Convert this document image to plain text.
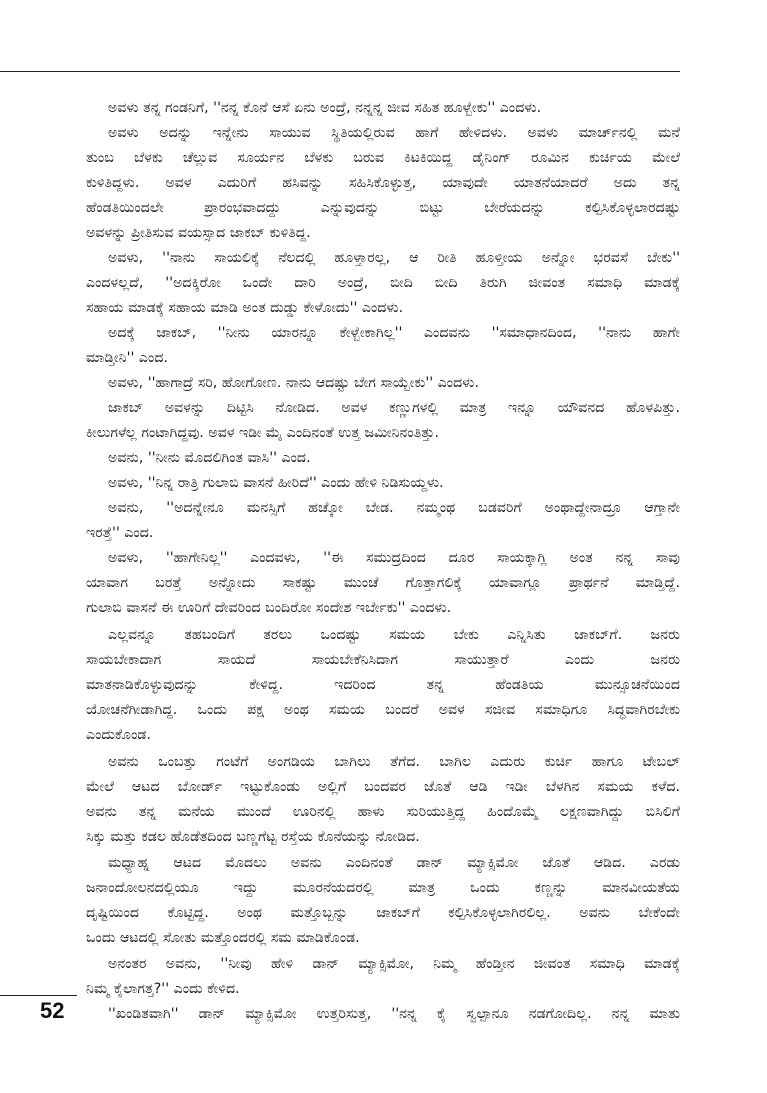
ಅವಳು ತನ್ನ ಗಂಡನಿಗೆ, ''ನನ್ನ ಕೊನೆ ಆಸೆ ಏನು ಅಂದ್ರೆ, ನನ್ನನ್ನ ಜೀವ ಸಹಿತ ಹೂಳ್ಬೇಕು'' ಎಂದಳು.
ಅವಳು ಅದನ್ನು ಇನ್ನೇನು ಸಾಯುವ ಸ್ಥಿತಿಯಲ್ಲಿರುವ ಹಾಗೆ ಹೇಳಿದಳು. ಅವಳು ಮಾರ್ಚ್‌ನಲ್ಲಿ ಮನೆ
ತುಂಬ ಬೆಳಕು ಚೆಲ್ಲುವ ಸೂರ್ಯನ ಬೆಳಕು ಬರುವ ಕಿಟಕಿಯಿದ್ದ ಡೈನಿಂಗ್ ರೂಮಿನ ಕುರ್ಚಿಯ ಮೇಲೆ
ಕುಳಿತಿದ್ದಳು. ಅವಳ ಎದುರಿಗೆ ಹಸಿವನ್ನು ಸಹಿಸಿಕೊಳ್ಳುತ್ತ, ಯಾವುದೇ ಯಾತನೆಯಾದರೆ ಅದು ತನ್ನ
ಹೆಂಡತಿಯಿಂದಲೇ ಪ್ರಾರಂಭವಾದದ್ದು ಎನ್ನುವುದನ್ನು ಬಿಟ್ಟು ಬೇರೆಯದನ್ನು ಕಲ್ಪಿಸಿಕೊಳ್ಳಲಾರದಷ್ಟು
ಅವಳನ್ನು ಪ್ರೀತಿಸುವ ವಯಸ್ಸಾದ ಜಾಕಬ್ ಕುಳಿತಿದ್ದ.
ಅವಳು, ''ನಾನು ಸಾಯಲಿಕ್ಕೆ ನೆಲದಲ್ಲಿ ಹೂಳ್ತಾರಲ್ಲ, ಆ ರೀತಿ ಹೂಳ್ತೀಯ ಅನ್ನೋ ಭರವಸೆ ಬೇಕು''
ಎಂದಳಲ್ಲದೆ, ''ಅದಕ್ಕಿರೋ ಒಂದೇ ದಾರಿ ಅಂದ್ರೆ, ಬೀದಿ ಬೀದಿ ತಿರುಗಿ ಜೀವಂತ ಸಮಾಧಿ ಮಾಡಕ್ಕೆ
ಸಹಾಯ ಮಾಡಕ್ಕೆ ಸಹಾಯ ಮಾಡಿ ಅಂತ ದುಡ್ಡು ಕೇಳೋದು'' ಎಂದಳು.
ಅದಕ್ಕೆ ಜಾಕಬ್, ''ನೀನು ಯಾರನ್ನೂ ಕೇಳ್ಬೇಕಾಗಿಲ್ಲ'' ಎಂದವನು ''ಸಮಾಧಾನದಿಂದ, ''ನಾನು ಹಾಗೇ
ಮಾಡ್ತೀನಿ'' ಎಂದ.
ಅವಳು, ''ಹಾಗಾದ್ರೆ ಸರಿ, ಹೋಗೋಣ. ನಾನು ಆದಷ್ಟು ಬೇಗ ಸಾಯ್ಬೇಕು'' ಎಂದಳು.
ಜಾಕಬ್ ಅವಳನ್ನು ದಿಟ್ಟಿಸಿ ನೋಡಿದ. ಅವಳ ಕಣ್ಣುಗಳಲ್ಲಿ ಮಾತ್ರ ಇನ್ನೂ ಯೌವನದ ಹೊಳಪಿತ್ತು.
ಕೀಲುಗಳೆಲ್ಲ ಗಂಟಾಗಿದ್ದವು. ಅವಳ ಇಡೀ ಮೈ ಎಂದಿನಂತೆ ಉತ್ತ ಜಮೀನಿನಂತಿತ್ತು.
ಅವನು, ''ನೀನು ಮೊದಲಿಗಿಂತ ವಾಸಿ'' ಎಂದ.
ಅವಳು, ''ನಿನ್ನ ರಾತ್ರಿ ಗುಲಾಬಿ ವಾಸನೆ ಹೀರಿದೆ'' ಎಂದು ಹೇಳಿ ನಿಡಿಸುಯ್ದಳು.
ಅವನು, ''ಅದನ್ನೇನೂ ಮನಸ್ಸಿಗೆ ಹಚ್ಕೋ ಬೇಡ. ನಮ್ಮಂಥ ಬಡವರಿಗೆ ಅಂಥಾದ್ದೇನಾದ್ರೂ ಆಗ್ತಾನೇ
ಇರತ್ತೆ'' ಎಂದ.
ಅವಳು, ''ಹಾಗೇನಿಲ್ಲ'' ಎಂದವಳು, ''ಈ ಸಮುದ್ರದಿಂದ ದೂರ ಸಾಯಕ್ಕಾಗ್ಲಿ ಅಂತ ನನ್ನ ಸಾವು
ಯಾವಾಗ ಬರತ್ತೆ ಅನ್ನೋದು ಸಾಕಷ್ಟು ಮುಂಚೆ ಗೊತ್ತಾಗಲಿಕ್ಕೆ ಯಾವಾಗ್ಲೂ ಪ್ರಾರ್ಥನೆ ಮಾಡ್ತಿದ್ದೆ.
ಗುಲಾಬಿ ವಾಸನೆ ಈ ಊರಿಗೆ ದೇವರಿಂದ ಬಂದಿರೋ ಸಂದೇಶ ಇರ್ಬೇಕು'' ಎಂದಳು.
ಎಲ್ಲವನ್ನೂ ತಹಬಂದಿಗೆ ತರಲು ಒಂದಷ್ಟು ಸಮಯ ಬೇಕು ಎನ್ನಿಸಿತು ಜಾಕಬ್‌ಗೆ. ಜನರು
ಸಾಯಬೇಕಾದಾಗ ಸಾಯದೆ ಸಾಯಬೇಕೆನಿಸಿದಾಗ ಸಾಯುತ್ತಾರೆ ಎಂದು ಜನರು
ಮಾತನಾಡಿಕೊಳ್ಳುವುದನ್ನು ಕೇಳಿದ್ದ. ಇದರಿಂದ ತನ್ನ ಹೆಂಡತಿಯ ಮುನ್ಸೂಚನೆಯಿಂದ
ಯೋಚನೆಗೀಡಾಗಿದ್ದ. ಒಂದು ಪಕ್ಷ ಅಂಥ ಸಮಯ ಬಂದರೆ ಅವಳ ಸಜೀವ ಸಮಾಧಿಗೂ ಸಿದ್ಧವಾಗಿರಬೇಕು
ಎಂದುಕೊಂಡ.
ಅವನು ಒಂಬತ್ತು ಗಂಟೆಗೆ ಅಂಗಡಿಯ ಬಾಗಿಲು ತೆಗೆದ. ಬಾಗಿಲ ಎದುರು ಕುರ್ಚಿ ಹಾಗೂ ಟೇಬಲ್
ಮೇಲೆ ಆಟದ ಬೋರ್ಡ್ ಇಟ್ಟುಕೊಂಡು ಅಲ್ಲಿಗೆ ಬಂದವರ ಜೊತೆ ಆಡಿ ಇಡೀ ಬೆಳಗಿನ ಸಮಯ ಕಳೆದ.
ಅವನು ತನ್ನ ಮನೆಯ ಮುಂದೆ ಊರಿನಲ್ಲಿ ಹಾಳು ಸುರಿಯುತ್ತಿದ್ದ ಹಿಂದೊಮ್ಮೆ ಲಕ್ಷಣವಾಗಿದ್ದು ಬಿಸಿಲಿಗೆ
ಸಿಕ್ಕು ಮತ್ತು ಕಡಲ ಹೊಡೆತದಿಂದ ಬಣ್ಣಗೆಟ್ಟ ರಸ್ತೆಯ ಕೊನೆಯನ್ನು ನೋಡಿದ.
ಮಧ್ಯಾಹ್ನ ಆಟದ ಮೊದಲು ಅವನು ಎಂದಿನಂತೆ ಡಾನ್ ಮ್ಯಾಕ್ಸಿಮೋ ಜೊತೆ ಆಡಿದ. ಎರಡು
ಜನಾಂದೋಲನದಲ್ಲಿಯೂ ಇದ್ದು ಮೂರನೆಯದರಲ್ಲಿ ಮಾತ್ರ ಒಂದು ಕಣ್ಣನ್ನು ಮಾನವೀಯತೆಯ
ದೃಷ್ಟಿಯಿಂದ ಕೊಟ್ಟಿದ್ದ. ಅಂಥ ಮತ್ತೊಬ್ಬನ್ನು ಜಾಕಬ್‌ಗೆ ಕಲ್ಪಿಸಿಕೊಳ್ಳಲಾಗಿರಲಿಲ್ಲ. ಅವನು ಬೇಕೆಂದೇ
ಒಂದು ಆಟದಲ್ಲಿ ಸೋತು ಮತ್ತೊಂದರಲ್ಲಿ ಸಮ ಮಾಡಿಕೊಂಡ.
ಅನಂತರ ಅವನು, ''ನೀವು ಹೇಳಿ ಡಾನ್ ಮ್ಯಾಕ್ಸಿಮೋ, ನಿಮ್ಮ ಹೆಂಡ್ತೀನ ಜೀವಂತ ಸಮಾಧಿ ಮಾಡಕ್ಕೆ
ನಿಮ್ಮ ಕೈಲಾಗತ್ತ?'' ಎಂದು ಕೇಳಿದ.
''ಖಂಡಿತವಾಗಿ'' ಡಾನ್ ಮ್ಯಾಕ್ಸಿಮೋ ಉತ್ತರಿಸುತ್ತ, ''ನನ್ನ ಕೈ ಸ್ವಲ್ಪಾನೂ ನಡಗೋದಿಲ್ಲ. ನನ್ನ ಮಾತು
52
